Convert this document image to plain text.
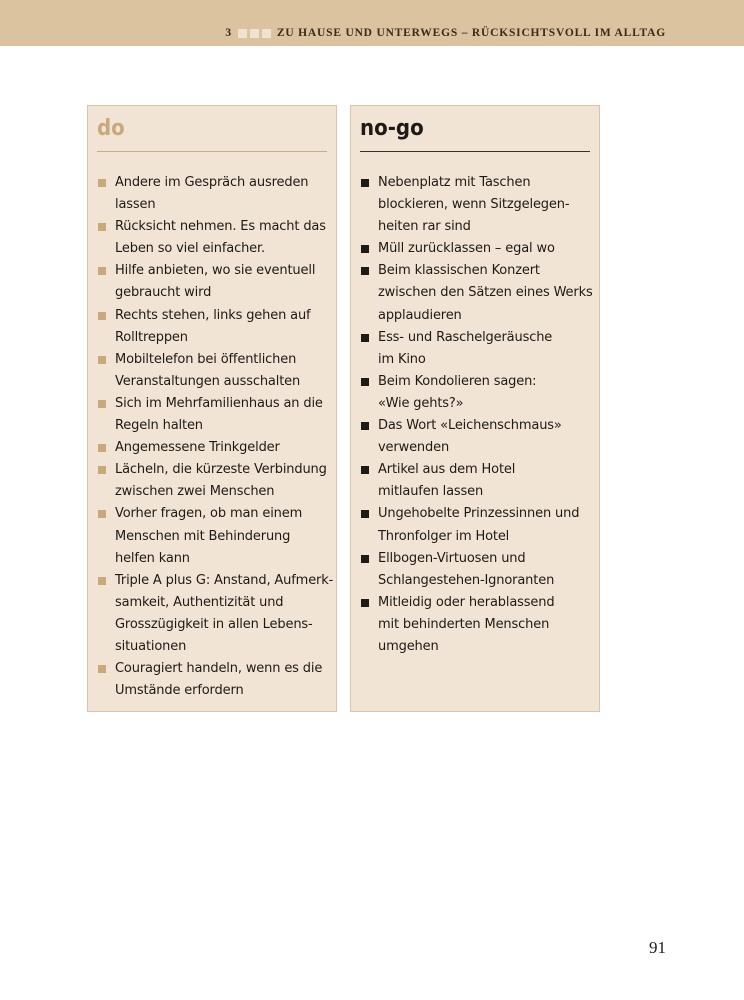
3	ZU HAUSE UND UNTERWEGS – RÜCKSICHTSVOLL IM ALLTAG
do
Andere im Gespräch ausreden
lassen
Rücksicht nehmen. Es macht das
Leben so viel einfacher.
Hilfe anbieten, wo sie eventuell
gebraucht wird
Rechts stehen, links gehen auf
Rolltreppen
Mobiltelefon bei öffentlichen
Veranstaltungen ausschalten
Sich im Mehrfamilienhaus an die
Regeln halten
Angemessene Trinkgelder
Lächeln, die kürzeste Verbindung
zwischen zwei Menschen
Vorher fragen, ob man einem
Menschen mit Behinderung
helfen kann
Triple A plus G: Anstand, Aufmerk-
samkeit, Authentizität und
Grosszügigkeit in allen Lebens-
situationen
Couragiert handeln, wenn es die
Umstände erfordern
no-go
Nebenplatz mit Taschen
blockieren, wenn Sitzgelegen-
heiten rar sind
Müll zurücklassen – egal wo
Beim klassischen Konzert
zwischen den Sätzen eines Werks
applaudieren
Ess- und Raschelgeräusche
im Kino
Beim Kondolieren sagen:
«Wie gehts?»
Das Wort «Leichenschmaus»
verwenden
Artikel aus dem Hotel
mitlaufen lassen
Ungehobelte Prinzessinnen und
Thronfolger im Hotel
Ellbogen-Virtuosen und
Schlangestehen-Ignoranten
Mitleidig oder herablassend
mit behinderten Menschen
umgehen
91
